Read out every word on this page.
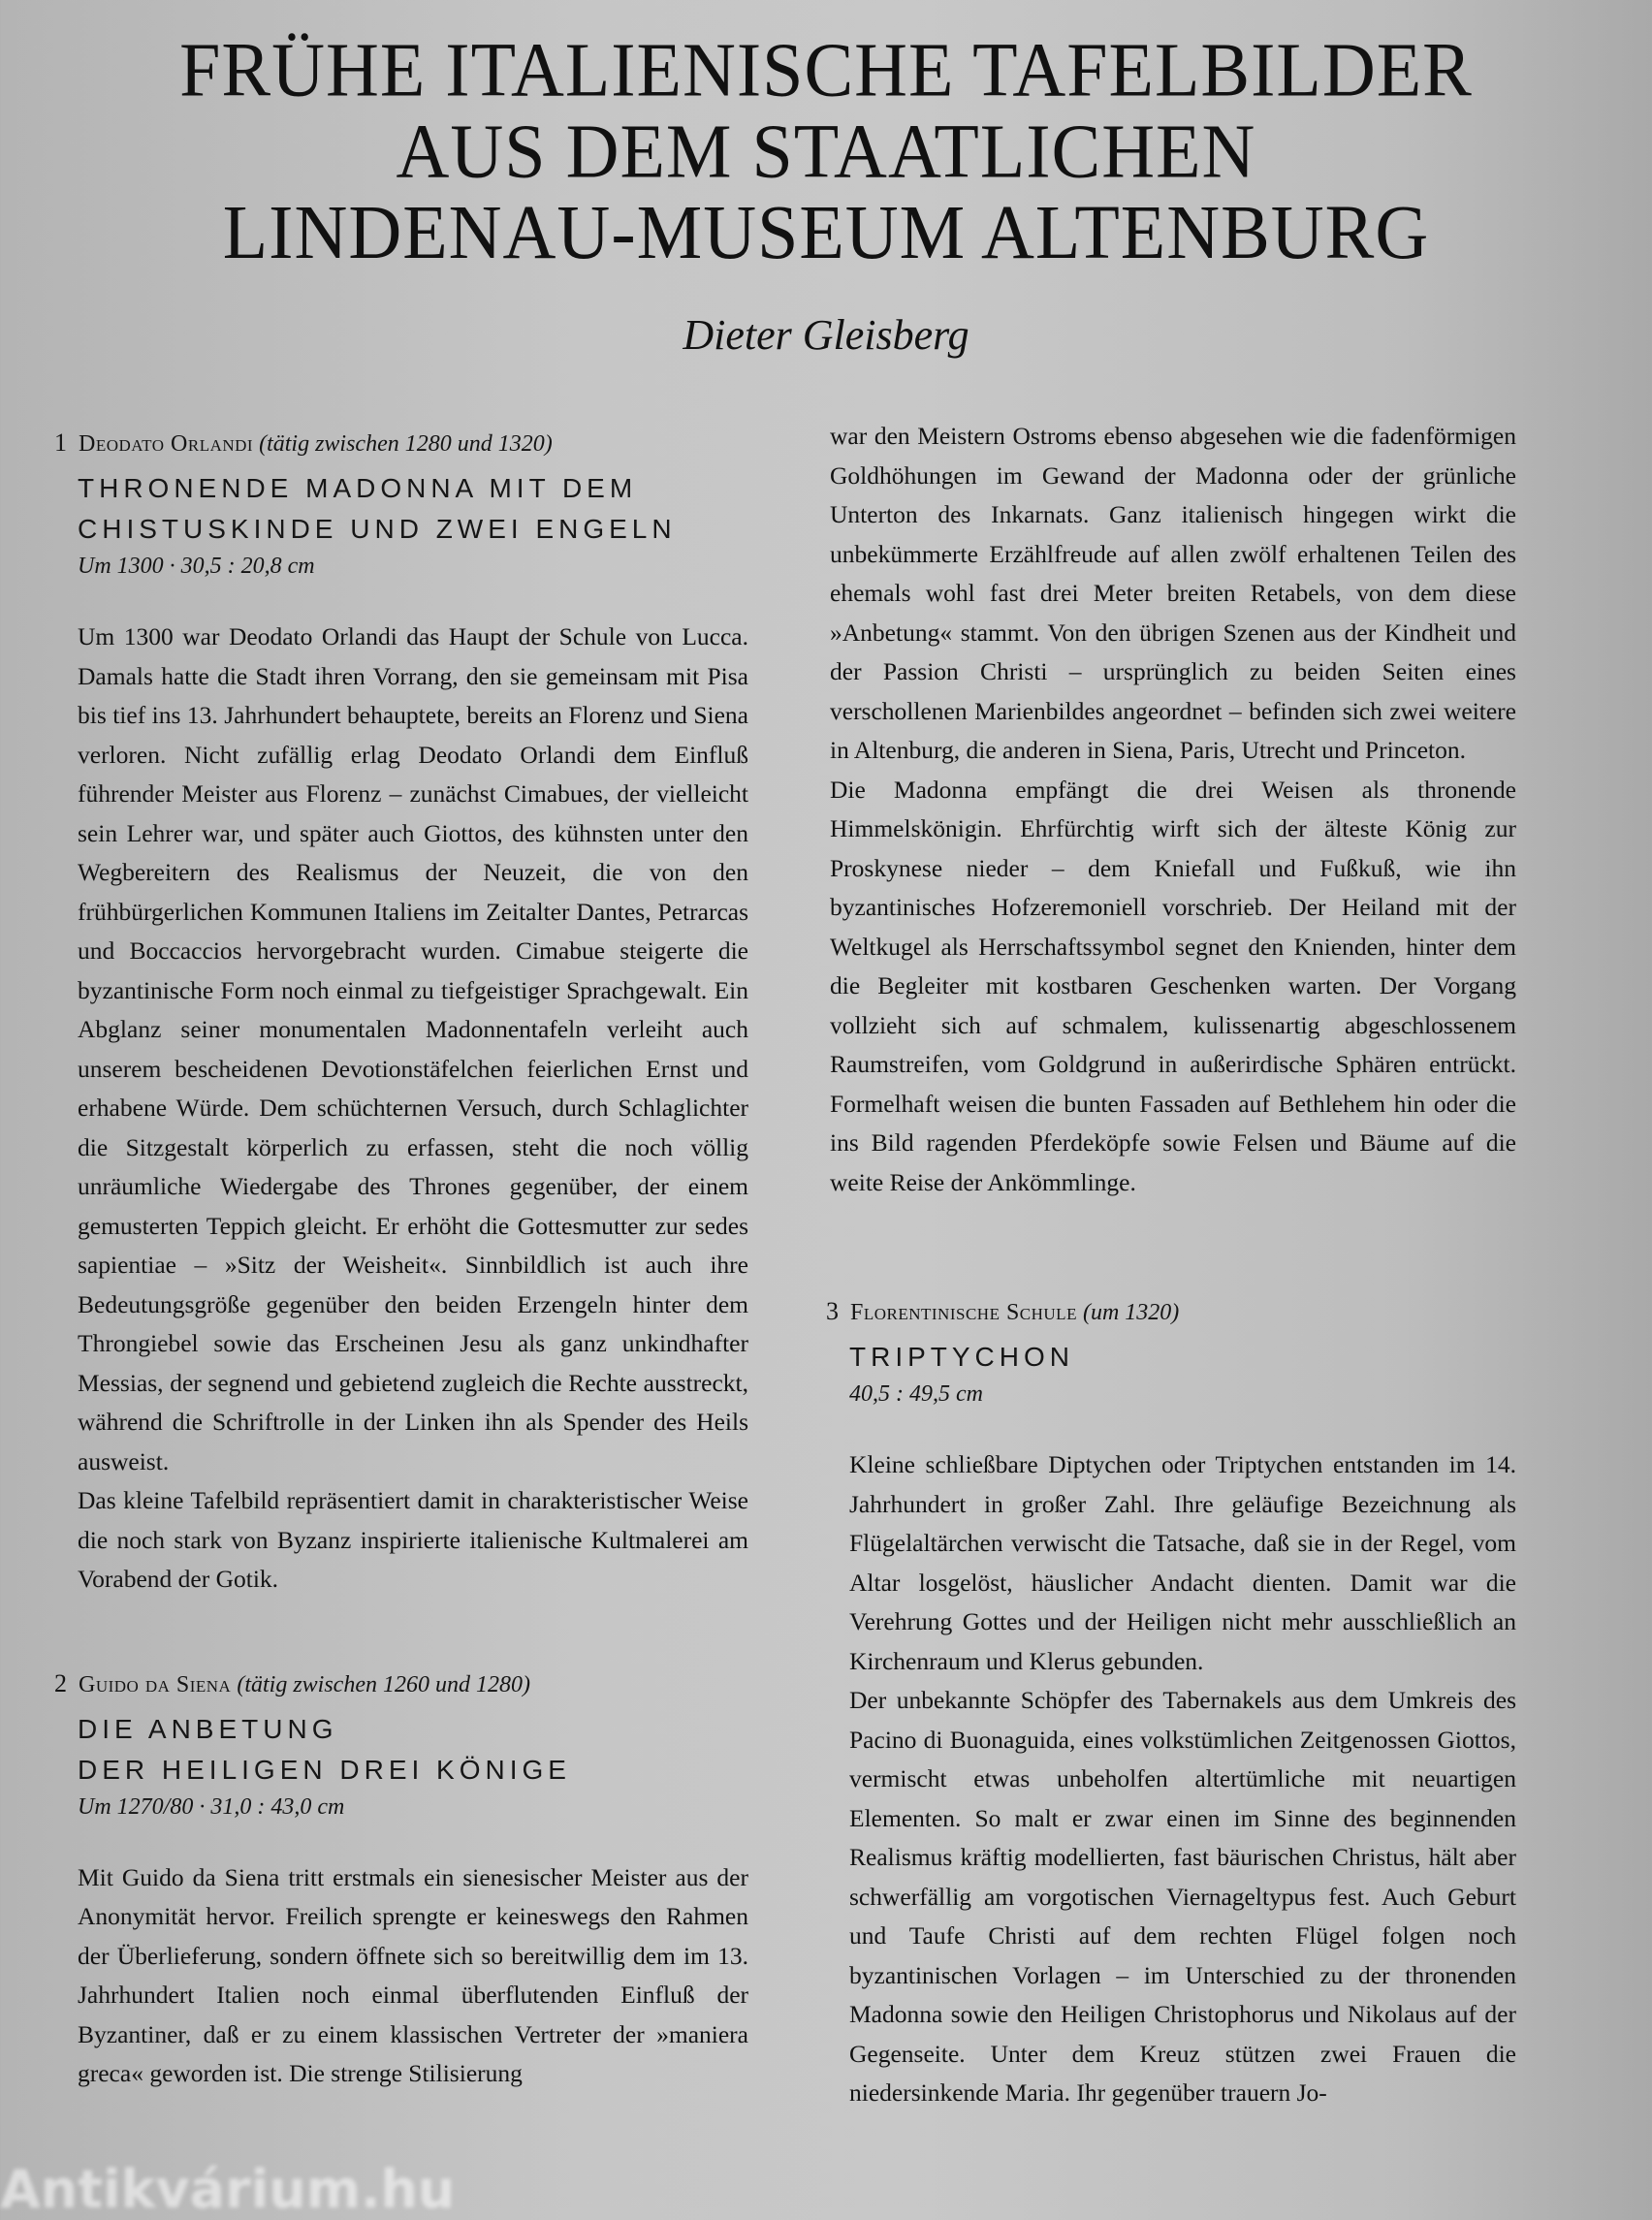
FRÜHE ITALIENISCHE TAFELBILDER
AUS DEM STAATLICHEN
LINDENAU-MUSEUM ALTENBURG
Dieter Gleisberg
1 Deodato Orlandi (tätig zwischen 1280 und 1320)
THRONENDE MADONNA MIT DEM
CHISTUSKINDE UND ZWEI ENGELN
Um 1300 · 30,5 : 20,8 cm

Um 1300 war Deodato Orlandi das Haupt der Schule von Lucca. Damals hatte die Stadt ihren Vorrang, den sie gemeinsam mit Pisa bis tief ins 13. Jahrhundert behauptete, bereits an Florenz und Siena verloren. Nicht zufällig erlag Deodato Orlandi dem Einfluß führender Meister aus Florenz – zunächst Cimabues, der vielleicht sein Lehrer war, und später auch Giottos, des kühnsten unter den Wegbereitern des Realismus der Neuzeit, die von den frühbürgerlichen Kommunen Italiens im Zeitalter Dantes, Petrarcas und Boccaccios hervorgebracht wurden. Cimabue steigerte die byzantinische Form noch einmal zu tiefgeistiger Sprachgewalt. Ein Abglanz seiner monumentalen Madonnentafeln verleiht auch unserem bescheidenen Devotionstäfelchen feierlichen Ernst und erhabene Würde. Dem schüchternen Versuch, durch Schlaglichter die Sitzgestalt körperlich zu erfassen, steht die noch völlig unräumliche Wiedergabe des Thrones gegenüber, der einem gemusterten Teppich gleicht. Er erhöht die Gottesmutter zur sedes sapientiae – »Sitz der Weisheit«. Sinnbildlich ist auch ihre Bedeutungsgröße gegenüber den beiden Erzengeln hinter dem Throngiebel sowie das Erscheinen Jesu als ganz unkindhafter Messias, der segnend und gebietend zugleich die Rechte ausstreckt, während die Schriftrolle in der Linken ihn als Spender des Heils ausweist.

Das kleine Tafelbild repräsentiert damit in charakteristischer Weise die noch stark von Byzanz inspirierte italienische Kultmalerei am Vorabend der Gotik.

2 Guido da Siena (tätig zwischen 1260 und 1280)
DIE ANBETUNG
DER HEILIGEN DREI KÖNIGE
Um 1270/80 · 31,0 : 43,0 cm

Mit Guido da Siena tritt erstmals ein sienesischer Meister aus der Anonymität hervor. Freilich sprengte er keineswegs den Rahmen der Überlieferung, sondern öffnete sich so bereitwillig dem im 13. Jahrhundert Italien noch einmal überflutenden Einfluß der Byzantiner, daß er zu einem klassischen Vertreter der »maniera greca« geworden ist. Die strenge Stilisierung

war den Meistern Ostroms ebenso abgesehen wie die fadenförmigen Goldhöhungen im Gewand der Madonna oder der grünliche Unterton des Inkarnats. Ganz italienisch hingegen wirkt die unbekümmerte Erzählfreude auf allen zwölf erhaltenen Teilen des ehemals wohl fast drei Meter breiten Retabels, von dem diese »Anbetung« stammt. Von den übrigen Szenen aus der Kindheit und der Passion Christi – ursprünglich zu beiden Seiten eines verschollenen Marienbildes angeordnet – befinden sich zwei weitere in Altenburg, die anderen in Siena, Paris, Utrecht und Princeton.

Die Madonna empfängt die drei Weisen als thronende Himmelskönigin. Ehrfürchtig wirft sich der älteste König zur Proskynese nieder – dem Kniefall und Fußkuß, wie ihn byzantinisches Hofzeremoniell vorschrieb. Der Heiland mit der Weltkugel als Herrschaftssymbol segnet den Knienden, hinter dem die Begleiter mit kostbaren Geschenken warten. Der Vorgang vollzieht sich auf schmalem, kulissenartig abgeschlossenem Raumstreifen, vom Goldgrund in außerirdische Sphären entrückt. Formelhaft weisen die bunten Fassaden auf Bethlehem hin oder die ins Bild ragenden Pferdeköpfe sowie Felsen und Bäume auf die weite Reise der Ankömmlinge.

3 Florentinische Schule (um 1320)
TRIPTYCHON
40,5 : 49,5 cm

Kleine schließbare Diptychen oder Triptychen entstanden im 14. Jahrhundert in großer Zahl. Ihre geläufige Bezeichnung als Flügelaltärchen verwischt die Tatsache, daß sie in der Regel, vom Altar losgelöst, häuslicher Andacht dienten. Damit war die Verehrung Gottes und der Heiligen nicht mehr ausschließlich an Kirchenraum und Klerus gebunden.

Der unbekannte Schöpfer des Tabernakels aus dem Umkreis des Pacino di Buonaguida, eines volkstümlichen Zeitgenossen Giottos, vermischt etwas unbeholfen altertümliche mit neuartigen Elementen. So malt er zwar einen im Sinne des beginnenden Realismus kräftig modellierten, fast bäurischen Christus, hält aber schwerfällig am vorgotischen Viernageltypus fest. Auch Geburt und Taufe Christi auf dem rechten Flügel folgen noch byzantinischen Vorlagen – im Unterschied zu der thronenden Madonna sowie den Heiligen Christophorus und Nikolaus auf der Gegenseite. Unter dem Kreuz stützen zwei Frauen die niedersinkende Maria. Ihr gegenüber trauern Jo-

Antikvárium.hu
